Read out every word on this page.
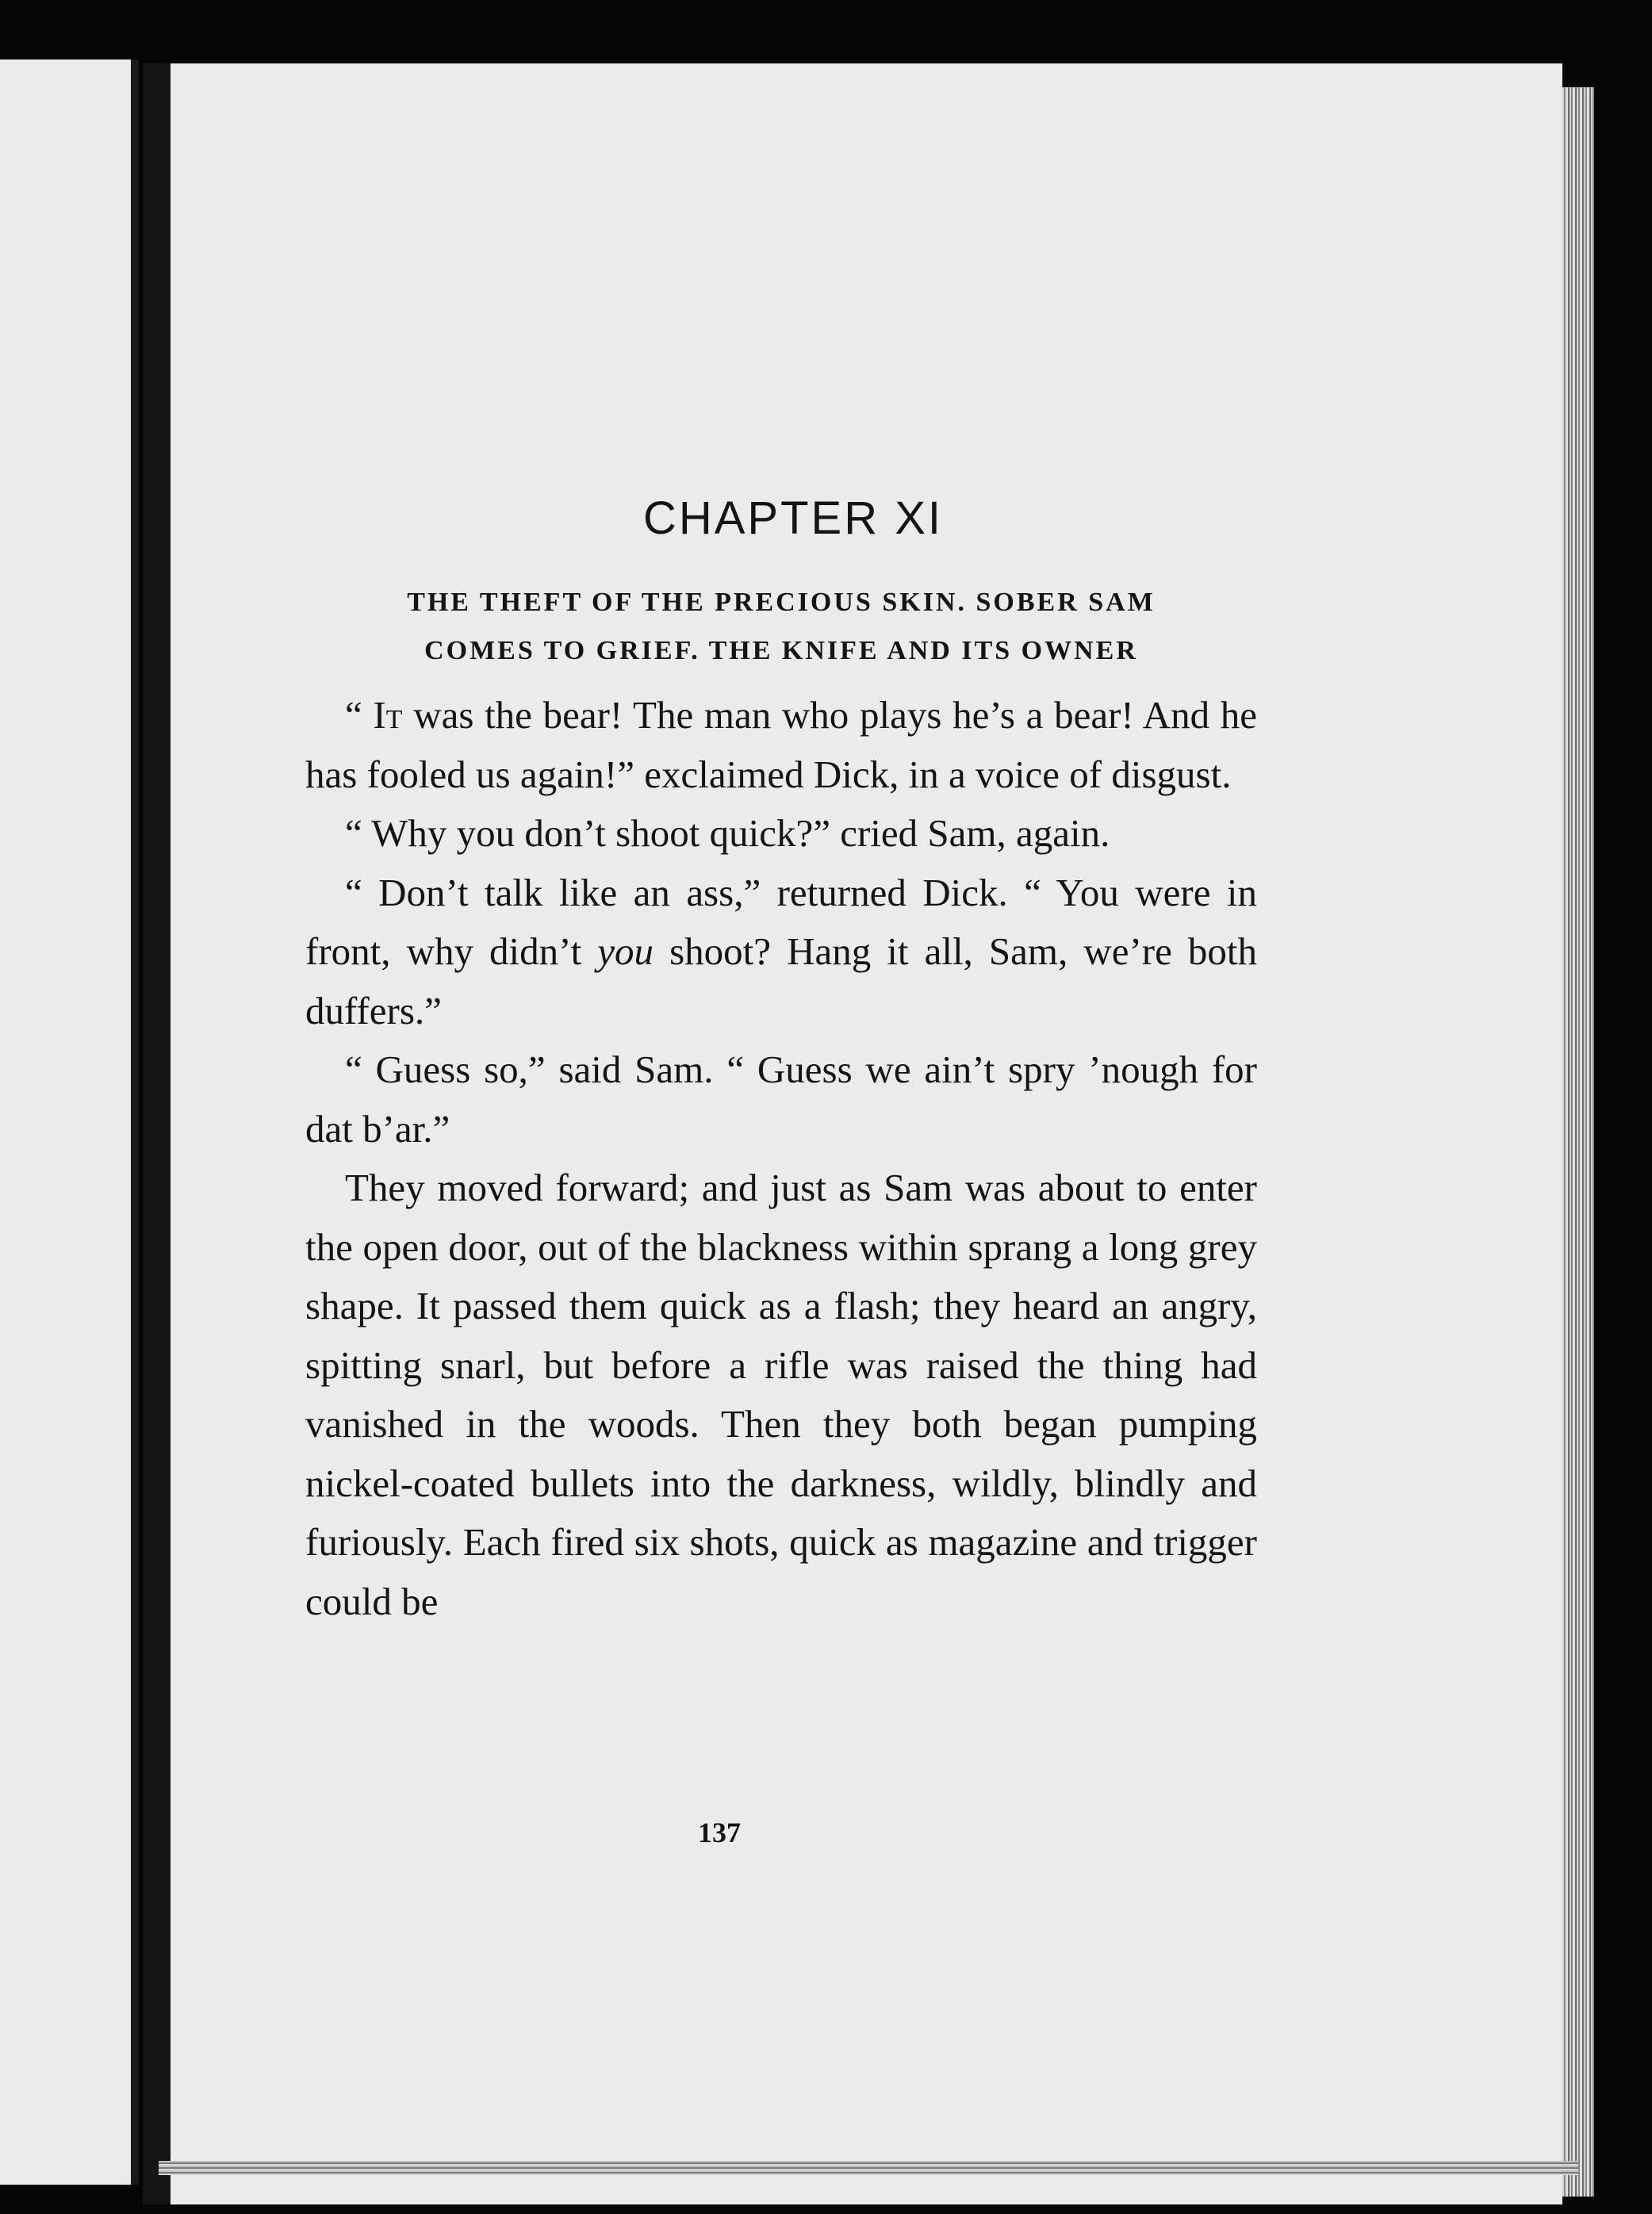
CHAPTER XI
THE THEFT OF THE PRECIOUS SKIN. SOBER SAM
COMES TO GRIEF. THE KNIFE AND ITS OWNER

“ It was the bear! The man who plays he’s a bear! And he has fooled us again!” exclaimed Dick, in a voice of disgust.

“ Why you don’t shoot quick?” cried Sam, again.

“ Don’t talk like an ass,” returned Dick. “ You were in front, why didn’t you shoot? Hang it all, Sam, we’re both duffers.”

“ Guess so,” said Sam. “ Guess we ain’t spry ’nough for dat b’ar.”

They moved forward; and just as Sam was about to enter the open door, out of the blackness within sprang a long grey shape. It passed them quick as a flash; they heard an angry, spitting snarl, but before a rifle was raised the thing had vanished in the woods. Then they both began pumping nickel-coated bullets into the darkness, wildly, blindly and furiously. Each fired six shots, quick as magazine and trigger could be

137
